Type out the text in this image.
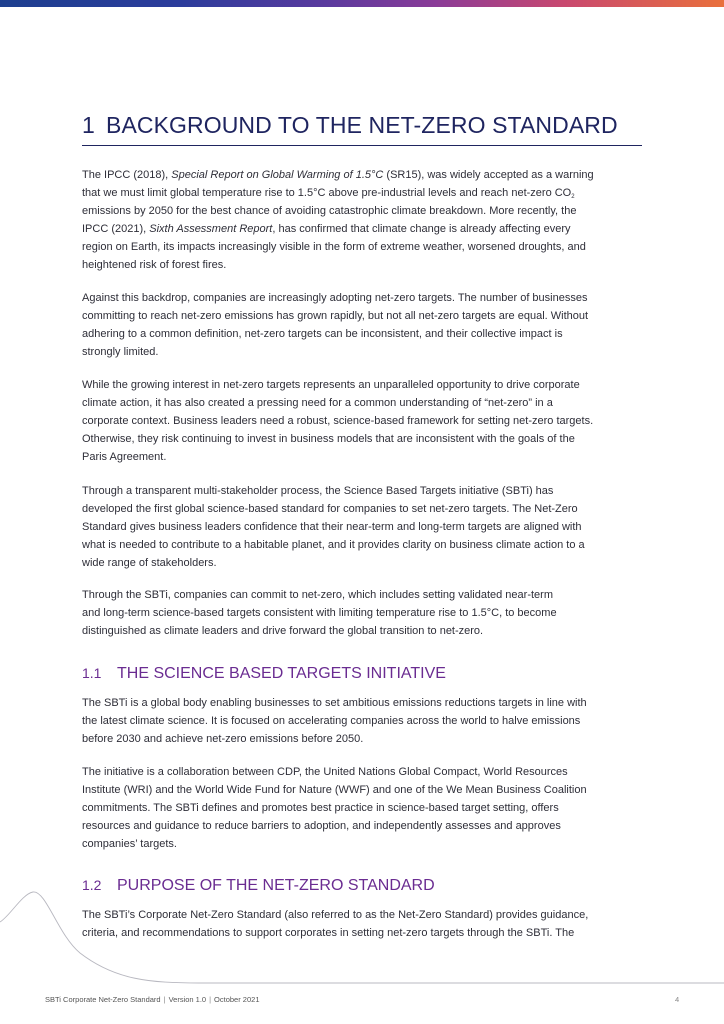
1 BACKGROUND TO THE NET-ZERO STANDARD
The IPCC (2018), Special Report on Global Warming of 1.5°C (SR15), was widely accepted as a warning
that we must limit global temperature rise to 1.5°C above pre-industrial levels and reach net-zero $CO_2$
emissions by 2050 for the best chance of avoiding catastrophic climate breakdown. More recently, the
IPCC (2021), Sixth Assessment Report, has confirmed that climate change is already affecting every
region on Earth, its impacts increasingly visible in the form of extreme weather, worsened droughts, and
heightened risk of forest fires.
Against this backdrop, companies are increasingly adopting net-zero targets. The number of businesses
committing to reach net-zero emissions has grown rapidly, but not all net-zero targets are equal. Without
adhering to a common definition, net-zero targets can be inconsistent, and their collective impact is
strongly limited.
While the growing interest in net-zero targets represents an unparalleled opportunity to drive corporate
climate action, it has also created a pressing need for a common understanding of “net-zero” in a
corporate context. Business leaders need a robust, science-based framework for setting net-zero targets.
Otherwise, they risk continuing to invest in business models that are inconsistent with the goals of the
Paris Agreement.
Through a transparent multi-stakeholder process, the Science Based Targets initiative (SBTi) has
developed the first global science-based standard for companies to set net-zero targets. The Net-Zero
Standard gives business leaders confidence that their near-term and long-term targets are aligned with
what is needed to contribute to a habitable planet, and it provides clarity on business climate action to a
wide range of stakeholders.
Through the SBTi, companies can commit to net-zero, which includes setting validated near-term
and long-term science-based targets consistent with limiting temperature rise to 1.5°C, to become
distinguished as climate leaders and drive forward the global transition to net-zero.
1.1 THE SCIENCE BASED TARGETS INITIATIVE
The SBTi is a global body enabling businesses to set ambitious emissions reductions targets in line with
the latest climate science. It is focused on accelerating companies across the world to halve emissions
before 2030 and achieve net-zero emissions before 2050.
The initiative is a collaboration between CDP, the United Nations Global Compact, World Resources
Institute (WRI) and the World Wide Fund for Nature (WWF) and one of the We Mean Business Coalition
commitments. The SBTi defines and promotes best practice in science-based target setting, offers
resources and guidance to reduce barriers to adoption, and independently assesses and approves
companies’ targets.
1.2 PURPOSE OF THE NET-ZERO STANDARD
The SBTi’s Corporate Net-Zero Standard (also referred to as the Net-Zero Standard) provides guidance,
criteria, and recommendations to support corporates in setting net-zero targets through the SBTi. The
SBTi Corporate Net-Zero Standard | Version 1.0 | October 2021	4
